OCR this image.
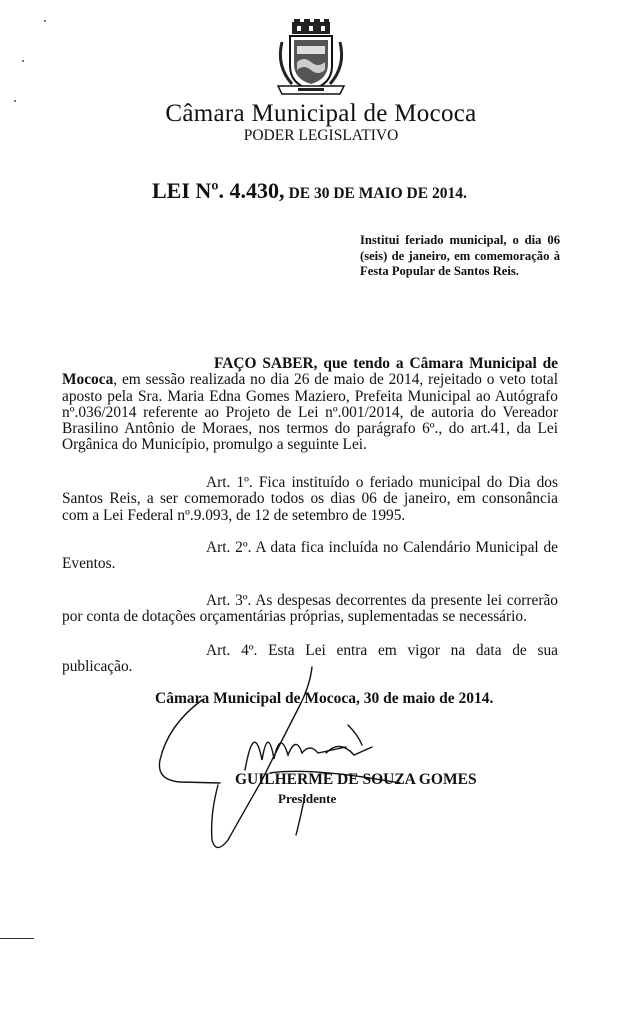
Câmara Municipal de Mococa
PODER LEGISLATIVO
LEI Nº. 4.430, DE 30 DE MAIO DE 2014.
Institui feriado municipal, o dia 06 (seis) de janeiro, em comemoração à Festa Popular de Santos Reis.

FAÇO SABER, que tendo a Câmara Municipal de Mococa, em sessão realizada no dia 26 de maio de 2014, rejeitado o veto total aposto pela Sra. Maria Edna Gomes Maziero, Prefeita Municipal ao Autógrafo nº.036/2014 referente ao Projeto de Lei nº.001/2014, de autoria do Vereador Brasilino Antônio de Moraes, nos termos do parágrafo 6º., do art.41, da Lei Orgânica do Município, promulgo a seguinte Lei.

Art. 1º. Fica instituído o feriado municipal do Dia dos Santos Reis, a ser comemorado todos os dias 06 de janeiro, em consonância com a Lei Federal nº.9.093, de 12 de setembro de 1995.

Art. 2º. A data fica incluída no Calendário Municipal de Eventos.

Art. 3º. As despesas decorrentes da presente lei correrão por conta de dotações orçamentárias próprias, suplementadas se necessário.

Art. 4º. Esta Lei entra em vigor na data de sua publicação.

Câmara Municipal de Mococa, 30 de maio de 2014.
GUILHERME DE SOUZA GOMES
Presidente
